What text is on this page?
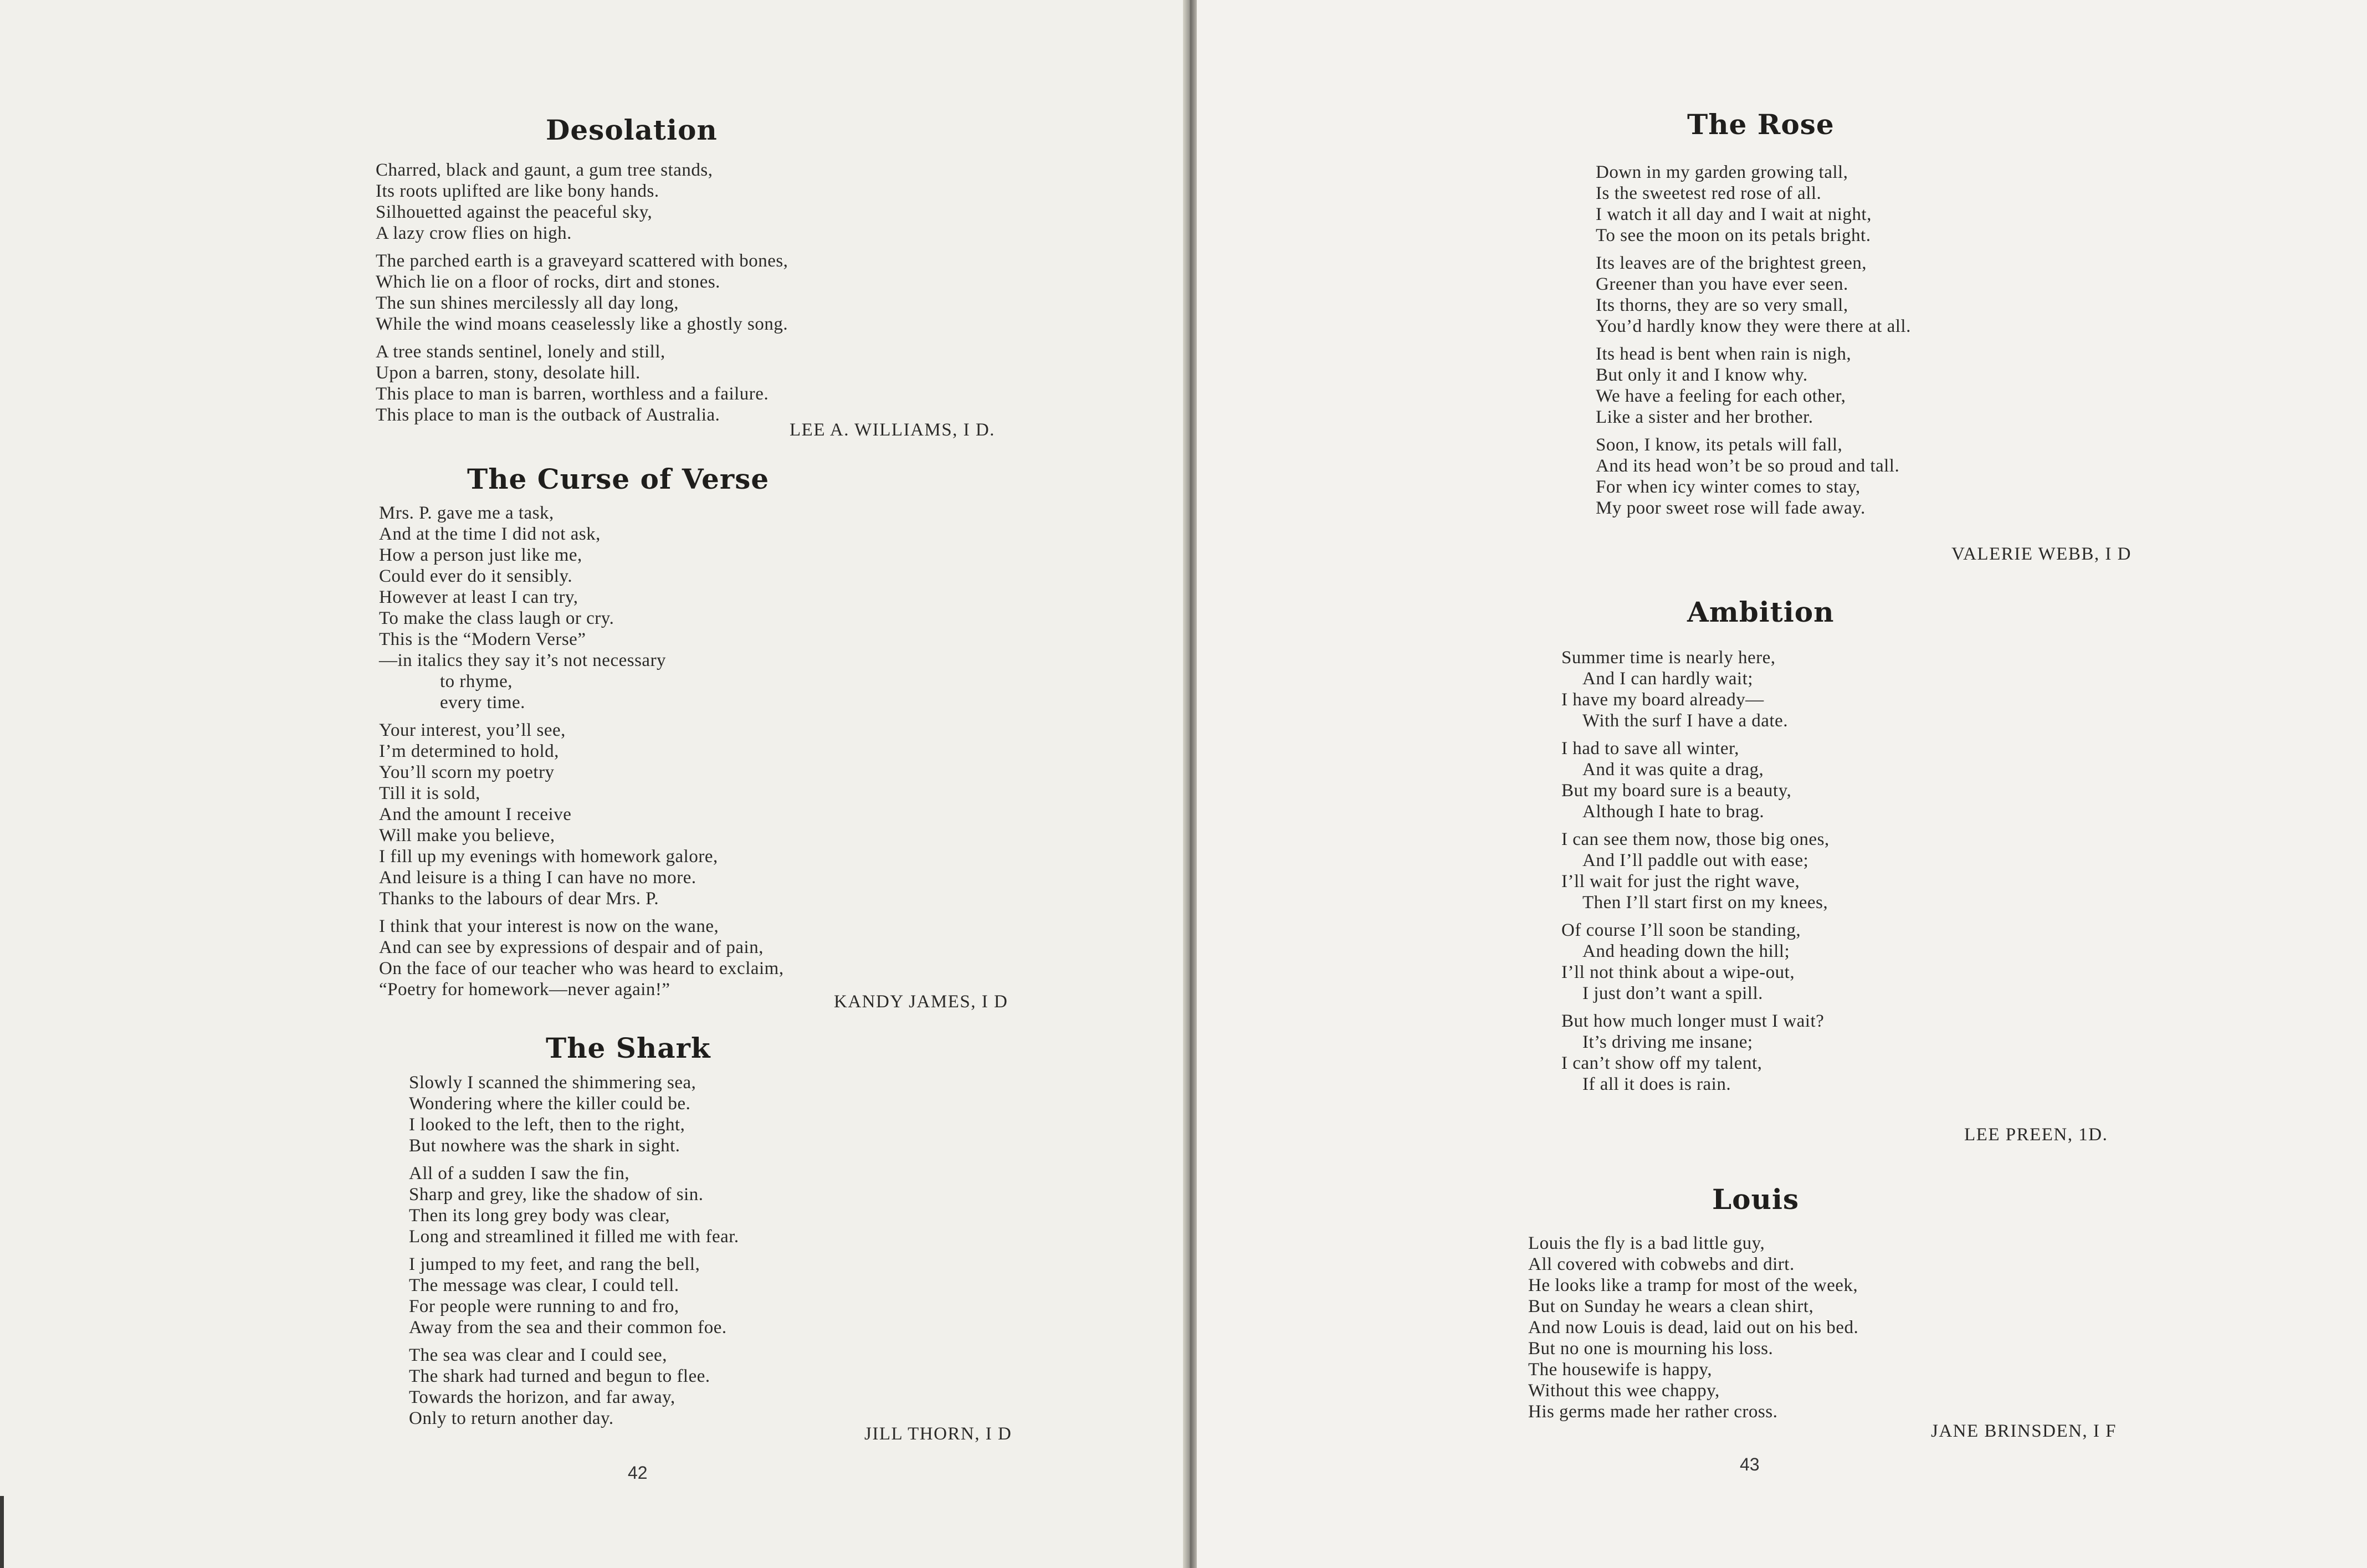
Desolation
Charred, black and gaunt, a gum tree stands,
Its roots uplifted are like bony hands.
Silhouetted against the peaceful sky,
A lazy crow flies on high.
The parched earth is a graveyard scattered with bones,
Which lie on a floor of rocks, dirt and stones.
The sun shines mercilessly all day long,
While the wind moans ceaselessly like a ghostly song.
A tree stands sentinel, lonely and still,
Upon a barren, stony, desolate hill.
This place to man is barren, worthless and a failure.
This place to man is the outback of Australia.
LEE A. WILLIAMS, I D.
The Curse of Verse
Mrs. P. gave me a task,
And at the time I did not ask,
How a person just like me,
Could ever do it sensibly.
However at least I can try,
To make the class laugh or cry.
This is the “Modern Verse”
—in italics they say it’s not necessary
to rhyme,
every time.
Your interest, you’ll see,
I’m determined to hold,
You’ll scorn my poetry
Till it is sold,
And the amount I receive
Will make you believe,
I fill up my evenings with homework galore,
And leisure is a thing I can have no more.
Thanks to the labours of dear Mrs. P.
I think that your interest is now on the wane,
And can see by expressions of despair and of pain,
On the face of our teacher who was heard to exclaim,
“Poetry for homework—never again!”
KANDY JAMES, I D
The Shark
Slowly I scanned the shimmering sea,
Wondering where the killer could be.
I looked to the left, then to the right,
But nowhere was the shark in sight.
All of a sudden I saw the fin,
Sharp and grey, like the shadow of sin.
Then its long grey body was clear,
Long and streamlined it filled me with fear.
I jumped to my feet, and rang the bell,
The message was clear, I could tell.
For people were running to and fro,
Away from the sea and their common foe.
The sea was clear and I could see,
The shark had turned and begun to flee.
Towards the horizon, and far away,
Only to return another day.
JILL THORN, I D
42
The Rose
Down in my garden growing tall,
Is the sweetest red rose of all.
I watch it all day and I wait at night,
To see the moon on its petals bright.
Its leaves are of the brightest green,
Greener than you have ever seen.
Its thorns, they are so very small,
You’d hardly know they were there at all.
Its head is bent when rain is nigh,
But only it and I know why.
We have a feeling for each other,
Like a sister and her brother.
Soon, I know, its petals will fall,
And its head won’t be so proud and tall.
For when icy winter comes to stay,
My poor sweet rose will fade away.
VALERIE WEBB, I D
Ambition
Summer time is nearly here,
And I can hardly wait;
I have my board already—
With the surf I have a date.
I had to save all winter,
And it was quite a drag,
But my board sure is a beauty,
Although I hate to brag.
I can see them now, those big ones,
And I’ll paddle out with ease;
I’ll wait for just the right wave,
Then I’ll start first on my knees,
Of course I’ll soon be standing,
And heading down the hill;
I’ll not think about a wipe-out,
I just don’t want a spill.
But how much longer must I wait?
It’s driving me insane;
I can’t show off my talent,
If all it does is rain.
LEE PREEN, 1D.
Louis
Louis the fly is a bad little guy,
All covered with cobwebs and dirt.
He looks like a tramp for most of the week,
But on Sunday he wears a clean shirt,
And now Louis is dead, laid out on his bed.
But no one is mourning his loss.
The housewife is happy,
Without this wee chappy,
His germs made her rather cross.
JANE BRINSDEN, I F
43
